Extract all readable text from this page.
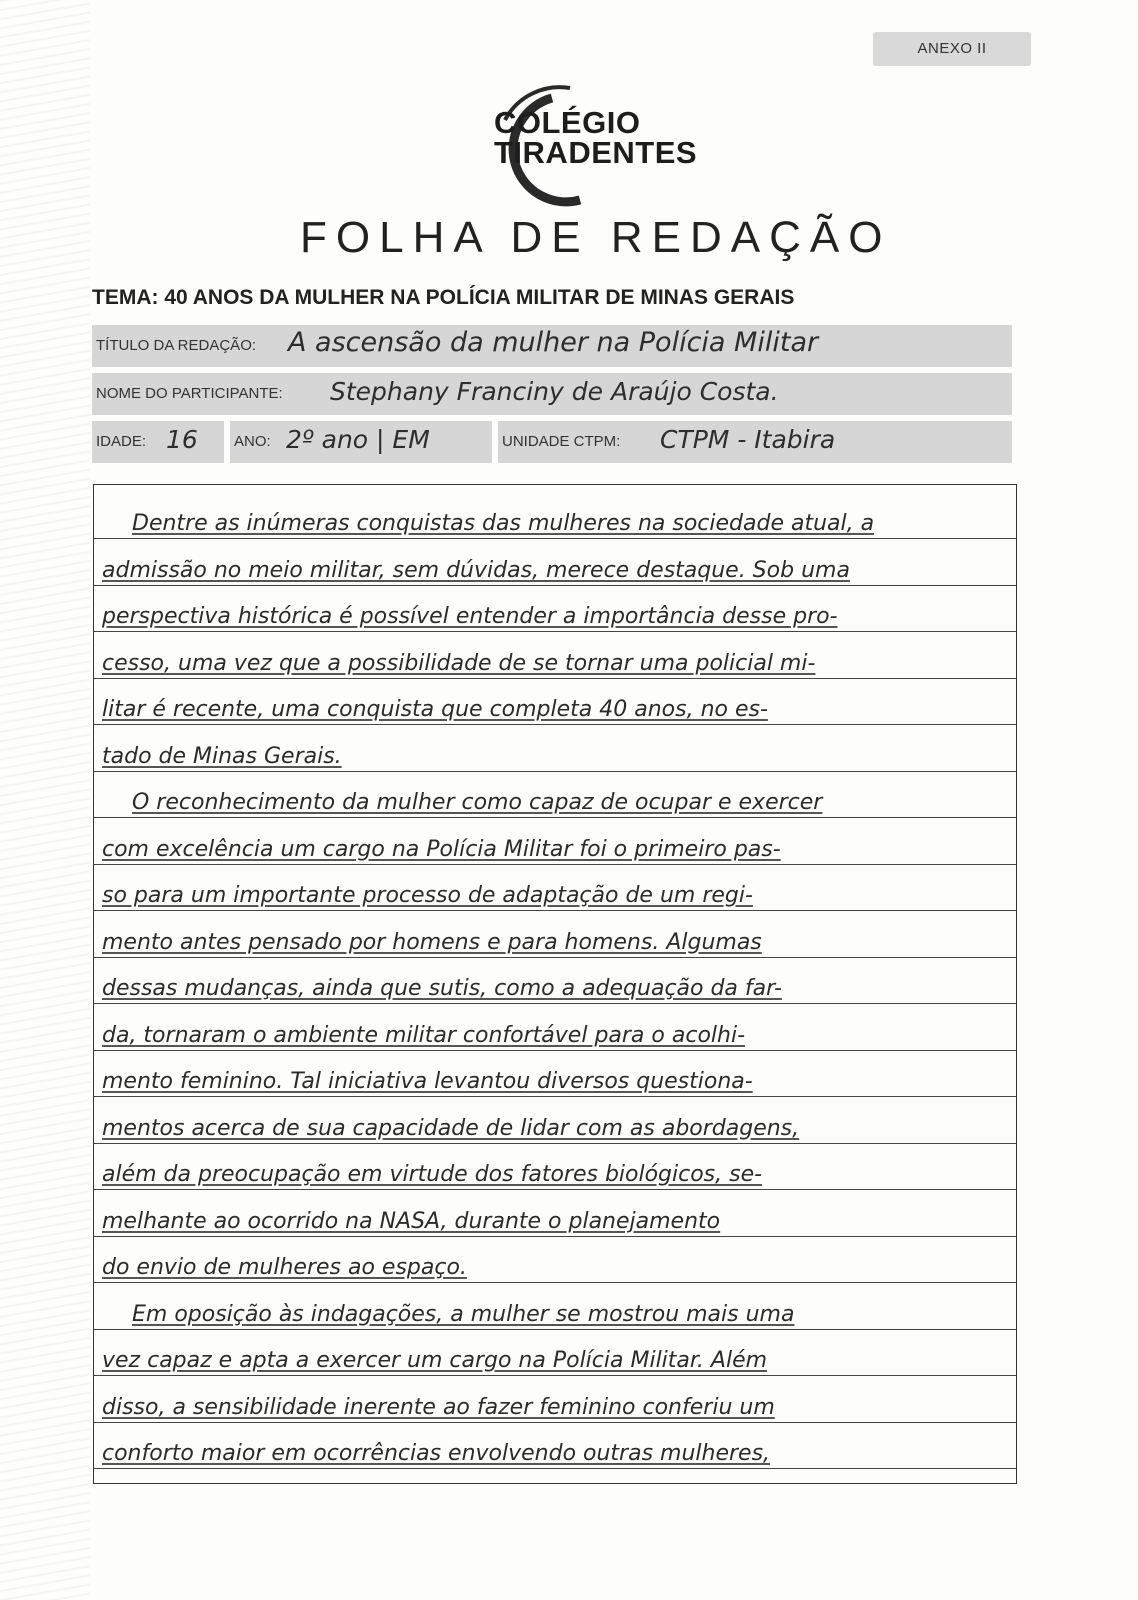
ANEXO II
COLÉGIO
TIRADENTES
FOLHA DE REDAÇÃO
TEMA: 40 ANOS DA MULHER NA POLÍCIA MILITAR DE MINAS GERAIS
TÍTULO DA REDAÇÃO: A ascensão da mulher na Polícia Militar
NOME DO PARTICIPANTE: Stephany Franciny de Araújo Costa.
IDADE: 16 ANO: 2º ano | EM	UNIDADE CTPM: CTPM - Itabira
Dentre as inúmeras conquistas das mulheres na sociedade atual, a
admissão no meio militar, sem dúvidas, merece destaque. Sob uma
perspectiva histórica é possível entender a importância desse pro-
cesso, uma vez que a possibilidade de se tornar uma policial mi-
litar é recente, uma conquista que completa 40 anos, no es-
tado de Minas Gerais.
O reconhecimento da mulher como capaz de ocupar e exercer
com excelência um cargo na Polícia Militar foi o primeiro pas-
so para um importante processo de adaptação de um regi-
mento antes pensado por homens e para homens. Algumas
dessas mudanças, ainda que sutis, como a adequação da far-
da, tornaram o ambiente militar confortável para o acolhi-
mento feminino. Tal iniciativa levantou diversos questiona-
mentos acerca de sua capacidade de lidar com as abordagens,
além da preocupação em virtude dos fatores biológicos, se-
melhante ao ocorrido na NASA, durante o planejamento
do envio de mulheres ao espaço.
Em oposição às indagações, a mulher se mostrou mais uma
vez capaz e apta a exercer um cargo na Polícia Militar. Além
disso, a sensibilidade inerente ao fazer feminino conferiu um
conforto maior em ocorrências envolvendo outras mulheres,
